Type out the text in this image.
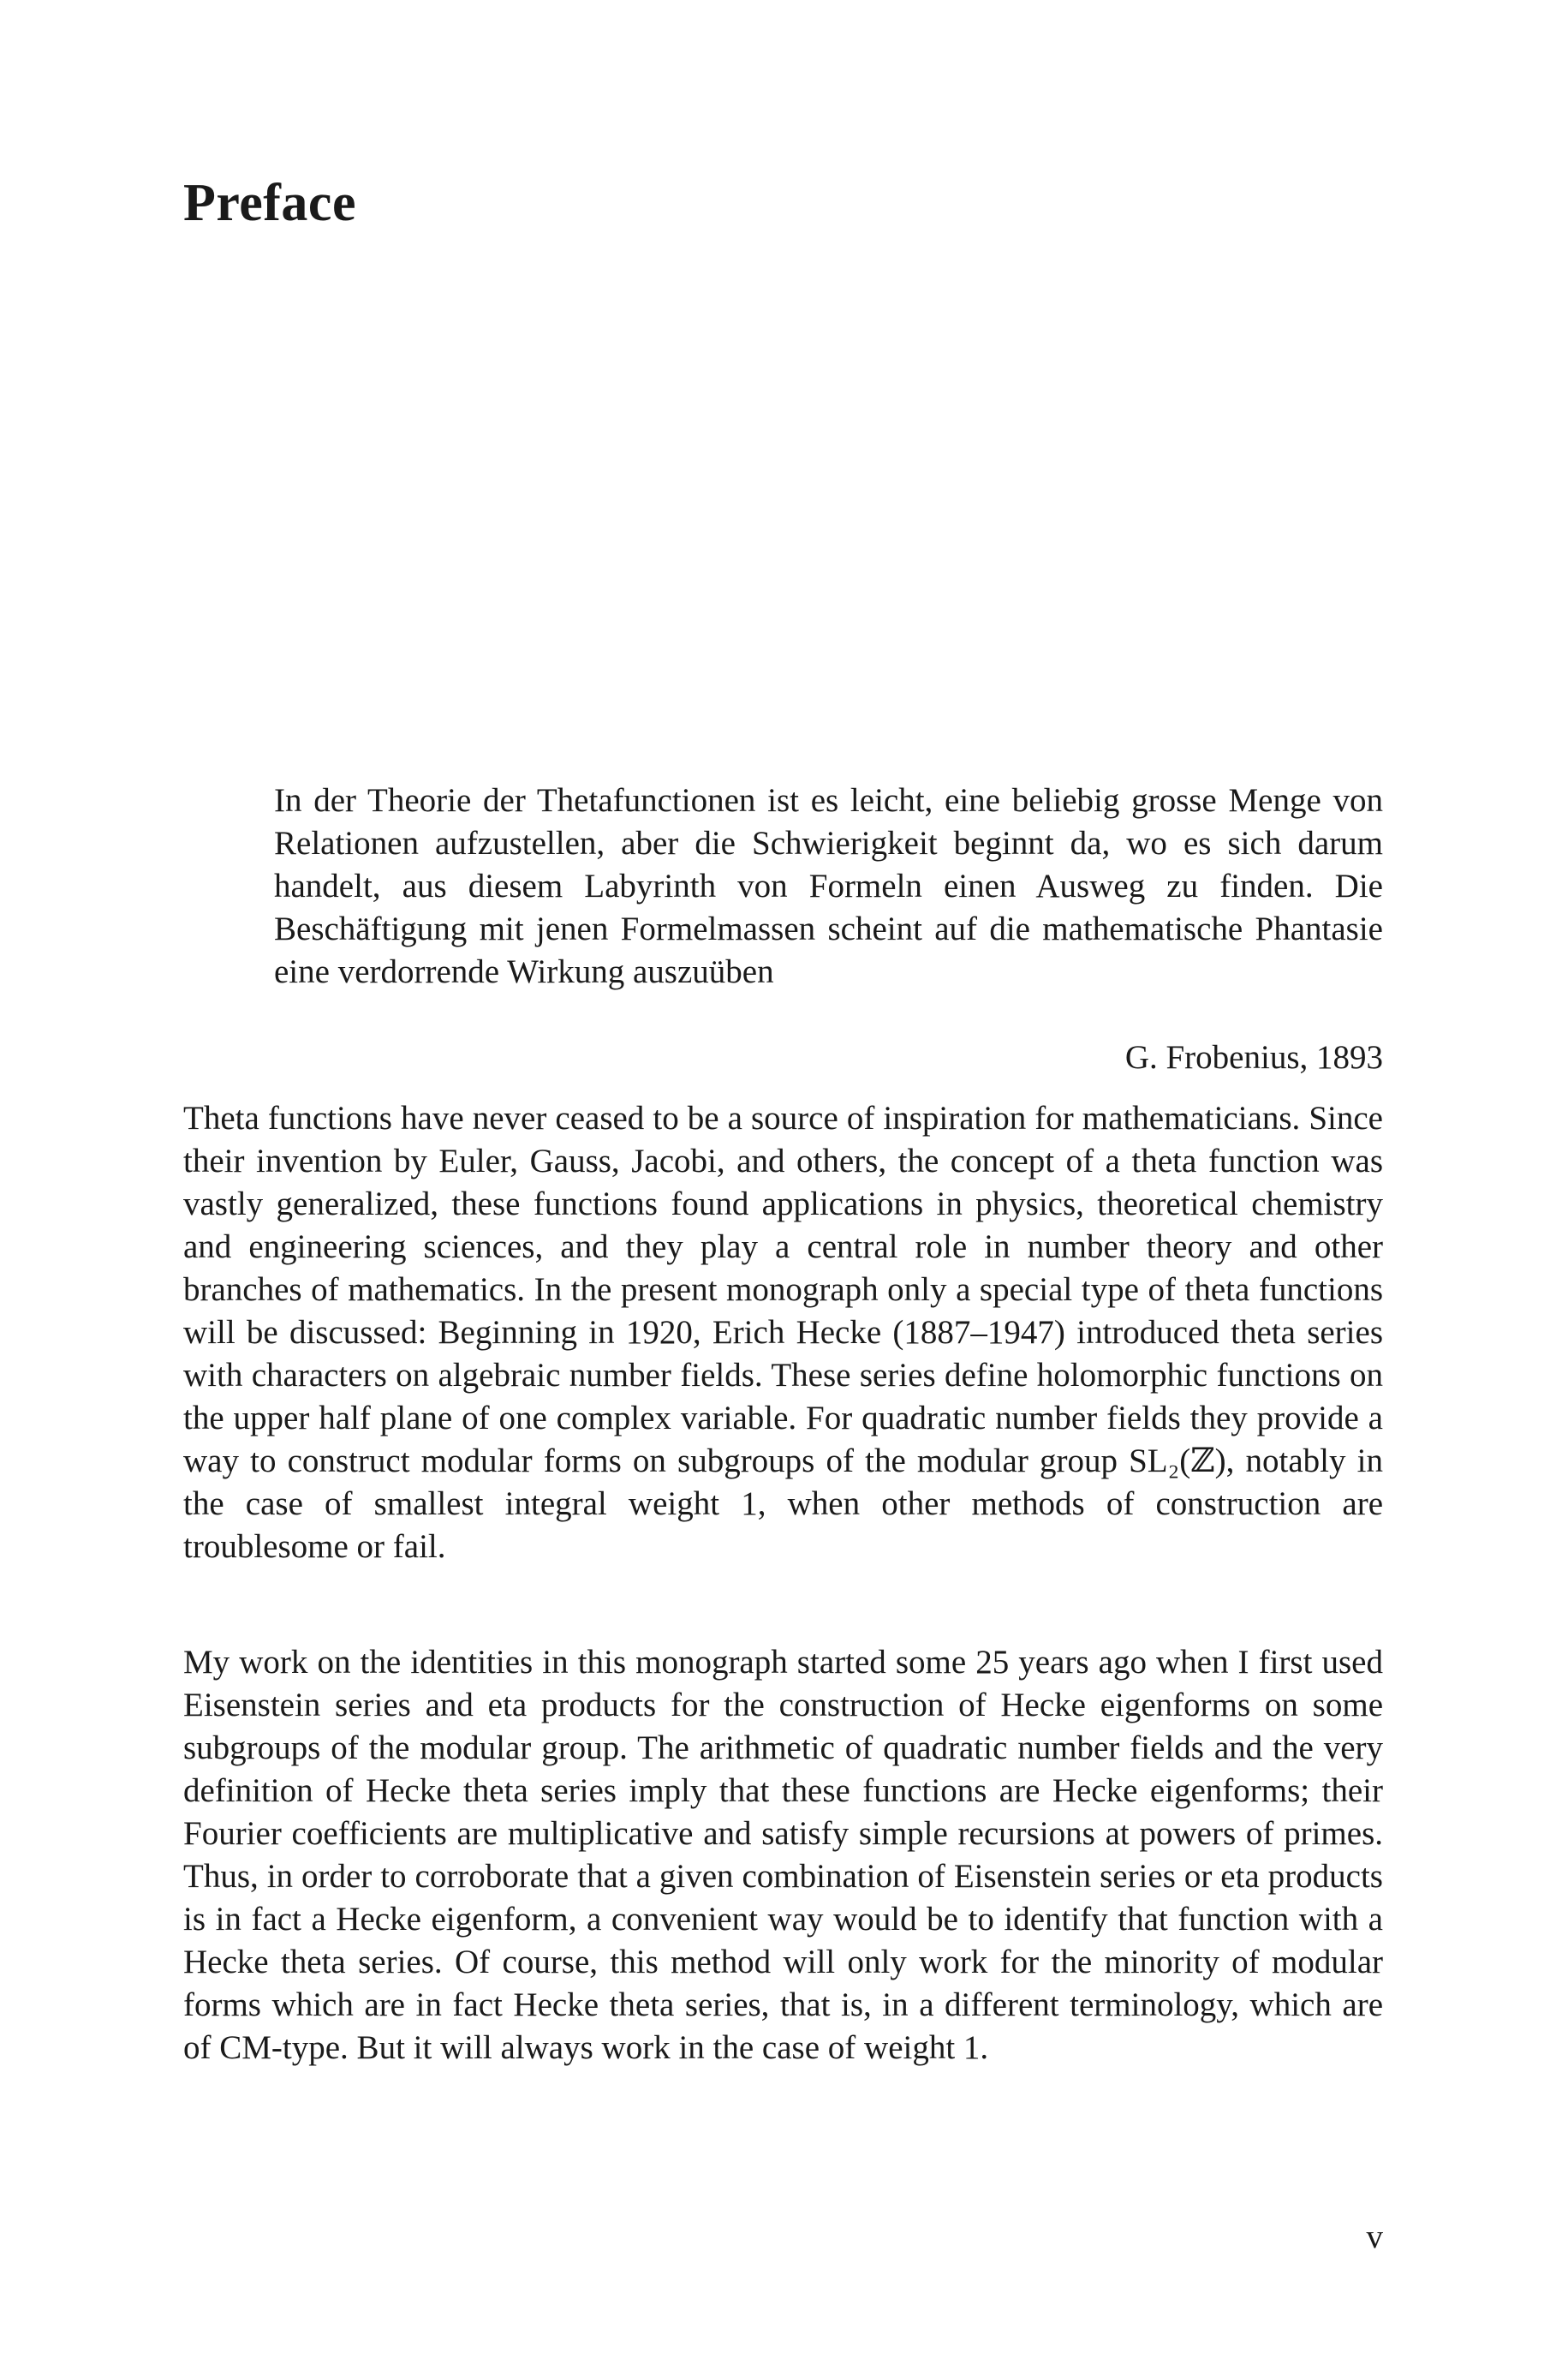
Preface

In der Theorie der Thetafunctionen ist es leicht, eine beliebig grosse Menge von Relationen aufzustellen, aber die Schwierigkeit beginnt da, wo es sich darum handelt, aus diesem Labyrinth von Formeln einen Ausweg zu finden. Die Beschäftigung mit jenen Formelmassen scheint auf die mathematische Phantasie eine verdorrende Wirkung auszuüben

G. Frobenius, 1893

Theta functions have never ceased to be a source of inspiration for mathematicians. Since their invention by Euler, Gauss, Jacobi, and others, the concept of a theta function was vastly generalized, these functions found applications in physics, theoretical chemistry and engineering sciences, and they play a central role in number theory and other branches of mathematics. In the present monograph only a special type of theta functions will be discussed: Beginning in 1920, Erich Hecke (1887–1947) introduced theta series with characters on algebraic number fields. These series define holomorphic functions on the upper half plane of one complex variable. For quadratic number fields they provide a way to construct modular forms on subgroups of the modular group SL₂(ℤ), notably in the case of smallest integral weight 1, when other methods of construction are troublesome or fail.

My work on the identities in this monograph started some 25 years ago when I first used Eisenstein series and eta products for the construction of Hecke eigenforms on some subgroups of the modular group. The arithmetic of quadratic number fields and the very definition of Hecke theta series imply that these functions are Hecke eigenforms; their Fourier coefficients are multiplicative and satisfy simple recursions at powers of primes. Thus, in order to corroborate that a given combination of Eisenstein series or eta products is in fact a Hecke eigenform, a convenient way would be to identify that function with a Hecke theta series. Of course, this method will only work for the minority of modular forms which are in fact Hecke theta series, that is, in a different terminology, which are of CM-type. But it will always work in the case of weight 1.

v
